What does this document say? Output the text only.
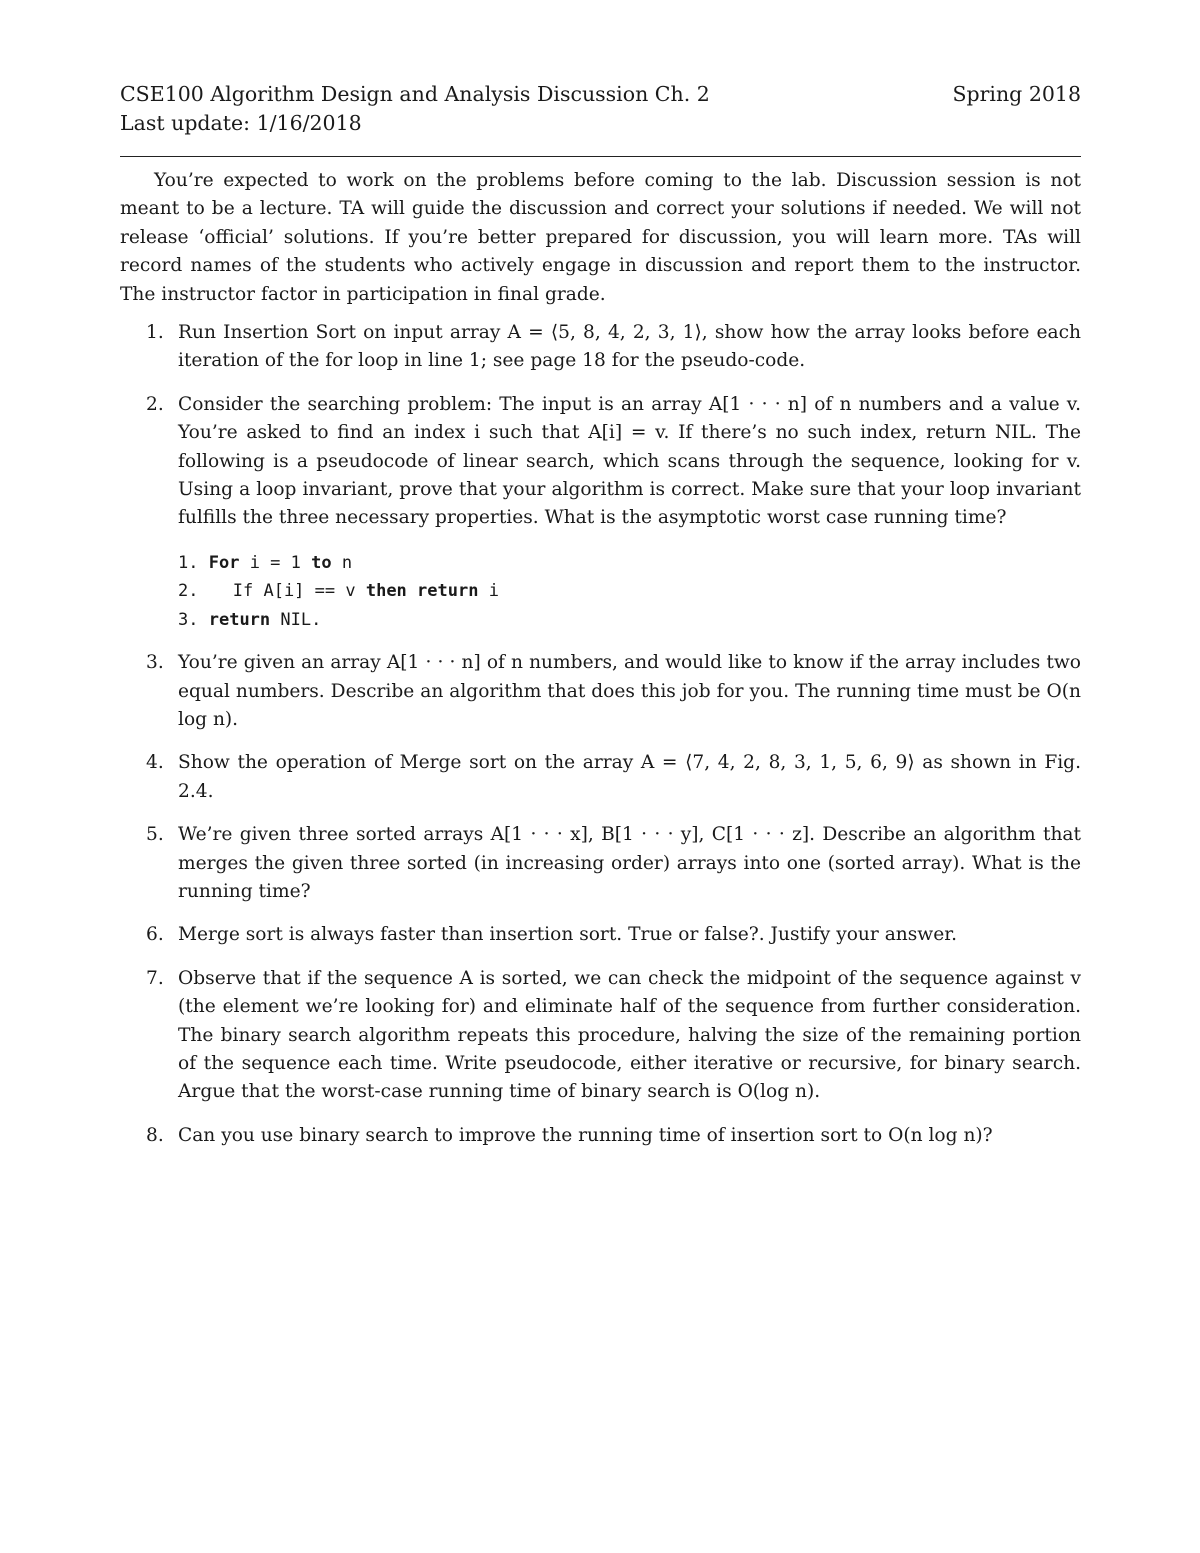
CSE100 Algorithm Design and Analysis Discussion Ch. 2	Spring 2018
Last update: 1/16/2018

You’re expected to work on the problems before coming to the lab. Discussion session is not meant to be a lecture. TA will guide the discussion and correct your solutions if needed. We will not release ‘official’ solutions. If you’re better prepared for discussion, you will learn more. TAs will record names of the students who actively engage in discussion and report them to the instructor. The instructor factor in participation in final grade.

1. Run Insertion Sort on input array A = ⟨5, 8, 4, 2, 3, 1⟩, show how the array looks before each iteration of the for loop in line 1; see page 18 for the pseudo-code.
2. Consider the searching problem: The input is an array A[1 · · · n] of n numbers and a value v. You’re asked to find an index i such that A[i] = v. If there’s no such index, return NIL. The following is a pseudocode of linear search, which scans through the sequence, looking for v. Using a loop invariant, prove that your algorithm is correct. Make sure that your loop invariant fulfills the three necessary properties. What is the asymptotic worst case running time?
1. For i = 1 to n
2. If A[i] == v then return i
3. return NIL.
3. You’re given an array A[1 · · · n] of n numbers, and would like to know if the array includes two equal numbers. Describe an algorithm that does this job for you. The running time must be O(n log n).
4. Show the operation of Merge sort on the array A = ⟨7, 4, 2, 8, 3, 1, 5, 6, 9⟩ as shown in Fig. 2.4.
5. We’re given three sorted arrays A[1 · · · x], B[1 · · · y], C[1 · · · z]. Describe an algorithm that merges the given three sorted (in increasing order) arrays into one (sorted array). What is the running time?
6. Merge sort is always faster than insertion sort. True or false?. Justify your answer.
7. Observe that if the sequence A is sorted, we can check the midpoint of the sequence against v (the element we’re looking for) and eliminate half of the sequence from further consideration. The binary search algorithm repeats this procedure, halving the size of the remaining portion of the sequence each time. Write pseudocode, either iterative or recursive, for binary search. Argue that the worst-case running time of binary search is O(log n).
8. Can you use binary search to improve the running time of insertion sort to O(n log n)?
